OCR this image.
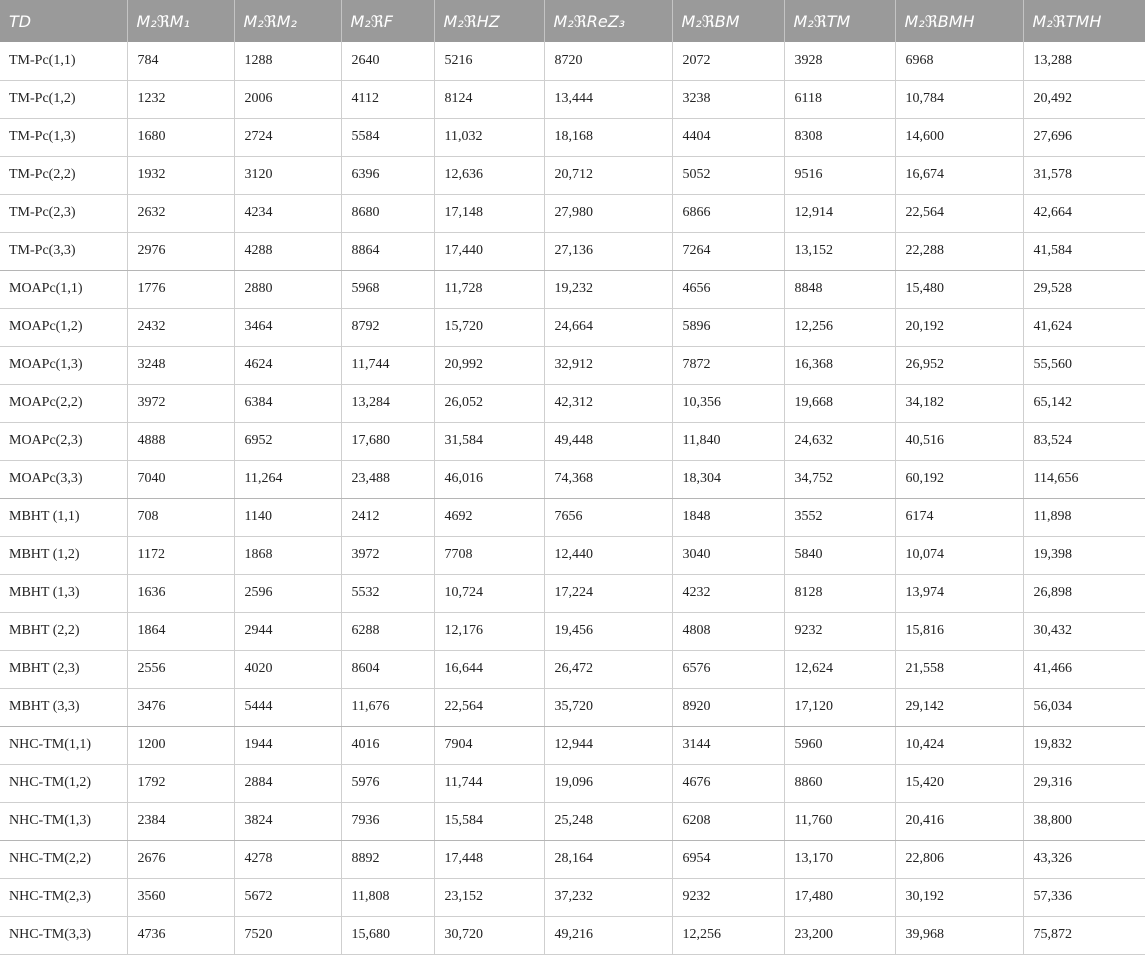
TD	M₂ℜM₁	M₂ℜM₂	M₂ℜF	M₂ℜHZ	M₂ℜReZ₃	M₂ℜBM	M₂ℜTM	M₂ℜBMH	M₂ℜTMH
TM-Pc(1,1)	784	1288	2640	5216	8720	2072	3928	6968	13,288
TM-Pc(1,2)	1232	2006	4112	8124	13,444	3238	6118	10,784	20,492
TM-Pc(1,3)	1680	2724	5584	11,032	18,168	4404	8308	14,600	27,696
TM-Pc(2,2)	1932	3120	6396	12,636	20,712	5052	9516	16,674	31,578
TM-Pc(2,3)	2632	4234	8680	17,148	27,980	6866	12,914	22,564	42,664
TM-Pc(3,3)	2976	4288	8864	17,440	27,136	7264	13,152	22,288	41,584
MOAPc(1,1)	1776	2880	5968	11,728	19,232	4656	8848	15,480	29,528
MOAPc(1,2)	2432	3464	8792	15,720	24,664	5896	12,256	20,192	41,624
MOAPc(1,3)	3248	4624	11,744	20,992	32,912	7872	16,368	26,952	55,560
MOAPc(2,2)	3972	6384	13,284	26,052	42,312	10,356	19,668	34,182	65,142
MOAPc(2,3)	4888	6952	17,680	31,584	49,448	11,840	24,632	40,516	83,524
MOAPc(3,3)	7040	11,264	23,488	46,016	74,368	18,304	34,752	60,192	114,656
MBHT (1,1)	708	1140	2412	4692	7656	1848	3552	6174	11,898
MBHT (1,2)	1172	1868	3972	7708	12,440	3040	5840	10,074	19,398
MBHT (1,3)	1636	2596	5532	10,724	17,224	4232	8128	13,974	26,898
MBHT (2,2)	1864	2944	6288	12,176	19,456	4808	9232	15,816	30,432
MBHT (2,3)	2556	4020	8604	16,644	26,472	6576	12,624	21,558	41,466
MBHT (3,3)	3476	5444	11,676	22,564	35,720	8920	17,120	29,142	56,034
NHC-TM(1,1)	1200	1944	4016	7904	12,944	3144	5960	10,424	19,832
NHC-TM(1,2)	1792	2884	5976	11,744	19,096	4676	8860	15,420	29,316
NHC-TM(1,3)	2384	3824	7936	15,584	25,248	6208	11,760	20,416	38,800
NHC-TM(2,2)	2676	4278	8892	17,448	28,164	6954	13,170	22,806	43,326
NHC-TM(2,3)	3560	5672	11,808	23,152	37,232	9232	17,480	30,192	57,336
NHC-TM(3,3)	4736	7520	15,680	30,720	49,216	12,256	23,200	39,968	75,872
